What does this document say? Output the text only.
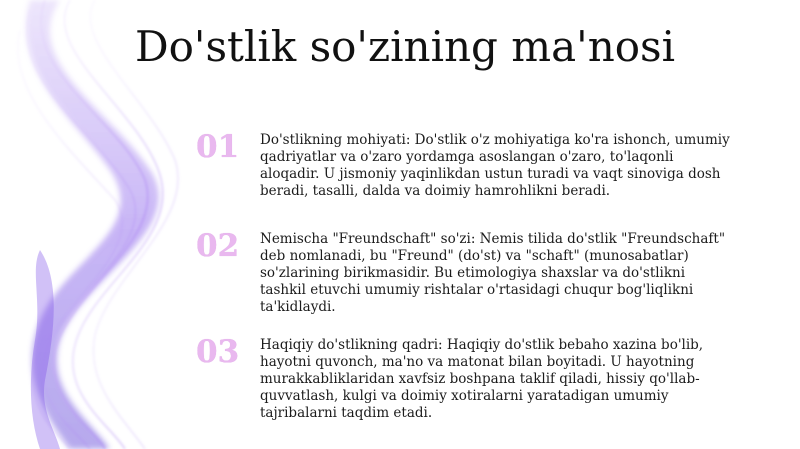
Do'stlik so'zining ma'nosi
01	Do'stlikning mohiyati: Do'stlik o'z mohiyatiga ko'ra ishonch, umumiy qadriyatlar va o'zaro yordamga asoslangan o'zaro, to'laqonli aloqadir. U jismoniy yaqinlikdan ustun turadi va vaqt sinoviga dosh beradi, tasalli, dalda va doimiy hamrohlikni beradi.
02	Nemischa "Freundschaft" so'zi: Nemis tilida do'stlik "Freundschaft" deb nomlanadi, bu "Freund" (do'st) va "schaft" (munosabatlar) so'zlarining birikmasidir. Bu etimologiya shaxslar va do'stlikni tashkil etuvchi umumiy rishtalar o'rtasidagi chuqur bog'liqlikni ta'kidlaydi.
03	Haqiqiy do'stlikning qadri: Haqiqiy do'stlik bebaho xazina bo'lib, hayotni quvonch, ma'no va matonat bilan boyitadi. U hayotning murakkabliklaridan xavfsiz boshpana taklif qiladi, hissiy qo'llab-quvvatlash, kulgi va doimiy xotiralarni yaratadigan umumiy tajribalarni taqdim etadi.
